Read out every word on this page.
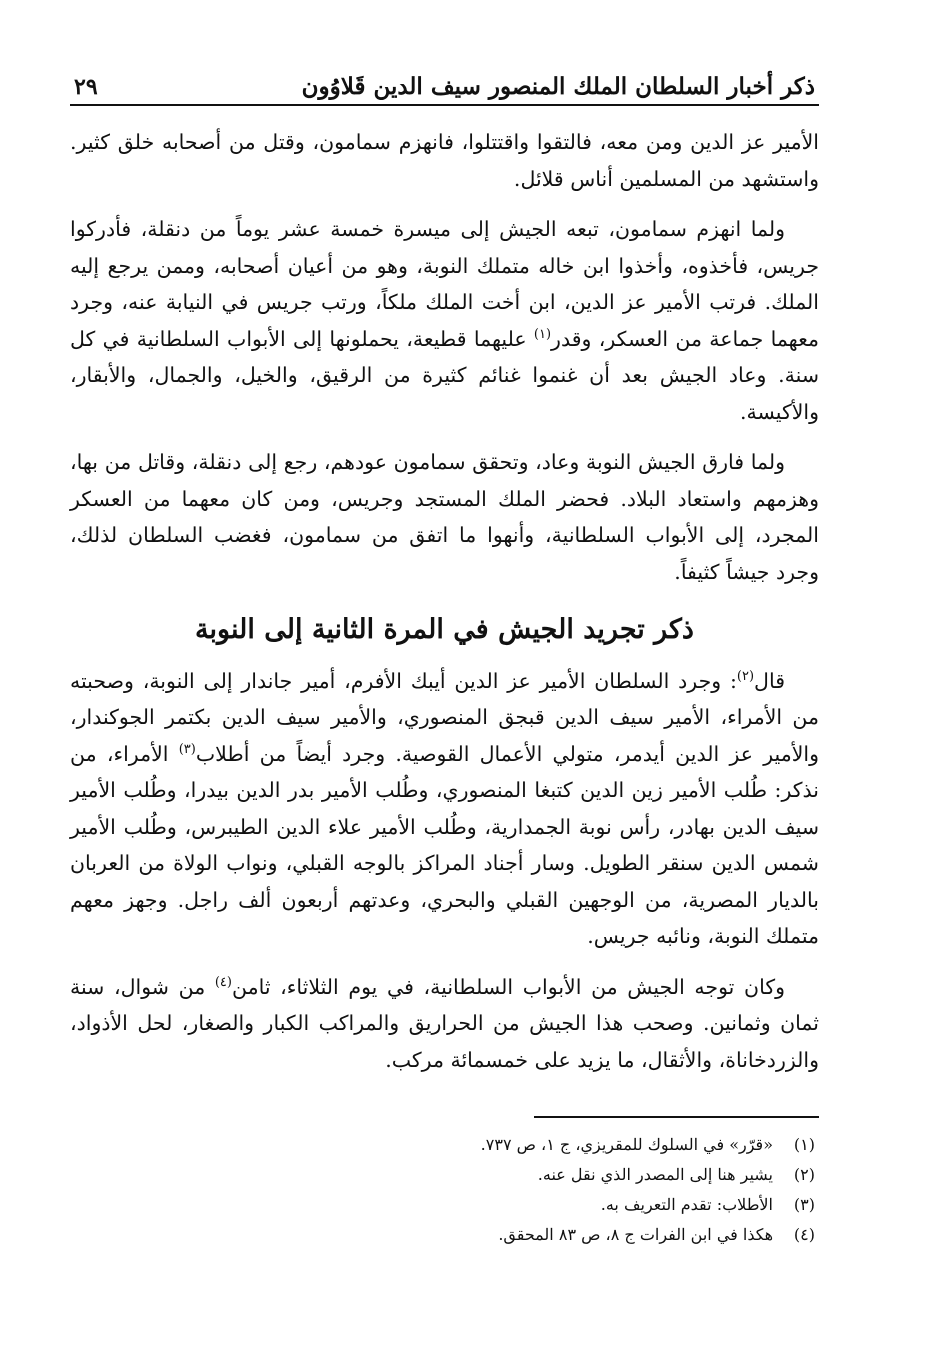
ذكر أخبار السلطان الملك المنصور سيف الدين قَلاوُون
٢٩

الأمير عز الدين ومن معه، فالتقوا واقتتلوا، فانهزم سمامون، وقتل من أصحابه خلق كثير. واستشهد من المسلمين أناس قلائل.

ولما انهزم سمامون، تبعه الجيش إلى ميسرة خمسة عشر يوماً من دنقلة، فأدركوا جريس، فأخذوه، وأخذوا ابن خاله متملك النوبة، وهو من أعيان أصحابه، وممن يرجع إليه الملك. فرتب الأمير عز الدين، ابن أخت الملك ملكاً، ورتب جريس في النيابة عنه، وجرد معهما جماعة من العسكر، وقدر$^{(١)}$ عليهما قطيعة، يحملونها إلى الأبواب السلطانية في كل سنة. وعاد الجيش بعد أن غنموا غنائم كثيرة من الرقيق، والخيل، والجمال، والأبقار، والأكيسة.

ولما فارق الجيش النوبة وعاد، وتحقق سمامون عودهم، رجع إلى دنقلة، وقاتل من بها، وهزمهم واستعاد البلاد. فحضر الملك المستجد وجريس، ومن كان معهما من العسكر المجرد، إلى الأبواب السلطانية، وأنهوا ما اتفق من سمامون، فغضب السلطان لذلك، وجرد جيشاً كثيفاً.

ذكر تجريد الجيش في المرة الثانية إلى النوبة

قال$^{(٢)}$: وجرد السلطان الأمير عز الدين أيبك الأفرم، أمير جاندار إلى النوبة، وصحبته من الأمراء، الأمير سيف الدين قبجق المنصوري، والأمير سيف الدين بكتمر الجوكندار، والأمير عز الدين أيدمر، متولي الأعمال القوصية. وجرد أيضاً من أطلاب$^{(٣)}$ الأمراء، من نذكر: طُلب الأمير زين الدين كتبغا المنصوري، وطُلب الأمير بدر الدين بيدرا، وطُلب الأمير سيف الدين بهادر، رأس نوبة الجمدارية، وطُلب الأمير علاء الدين الطيبرس، وطُلب الأمير شمس الدين سنقر الطويل. وسار أجناد المراكز بالوجه القبلي، ونواب الولاة من العربان بالديار المصرية، من الوجهين القبلي والبحري، وعدتهم أربعون ألف راجل. وجهز معهم متملك النوبة، ونائبه جريس.

وكان توجه الجيش من الأبواب السلطانية، في يوم الثلاثاء، ثامن$^{(٤)}$ من شوال، سنة ثمان وثمانين. وصحب هذا الجيش من الحراريق والمراكب الكبار والصغار، لحل الأذواد، والزردخاناة، والأثقال، ما يزيد على خمسمائة مركب.

(١)
«قرّر» في السلوك للمقريزي، ج ١، ص ٧٣٧.
(٢)
يشير هنا إلى المصدر الذي نقل عنه.
(٣)
الأطلاب: تقدم التعريف به.
(٤)
هكذا في ابن الفرات ج ٨، ص ٨٣ المحقق.
